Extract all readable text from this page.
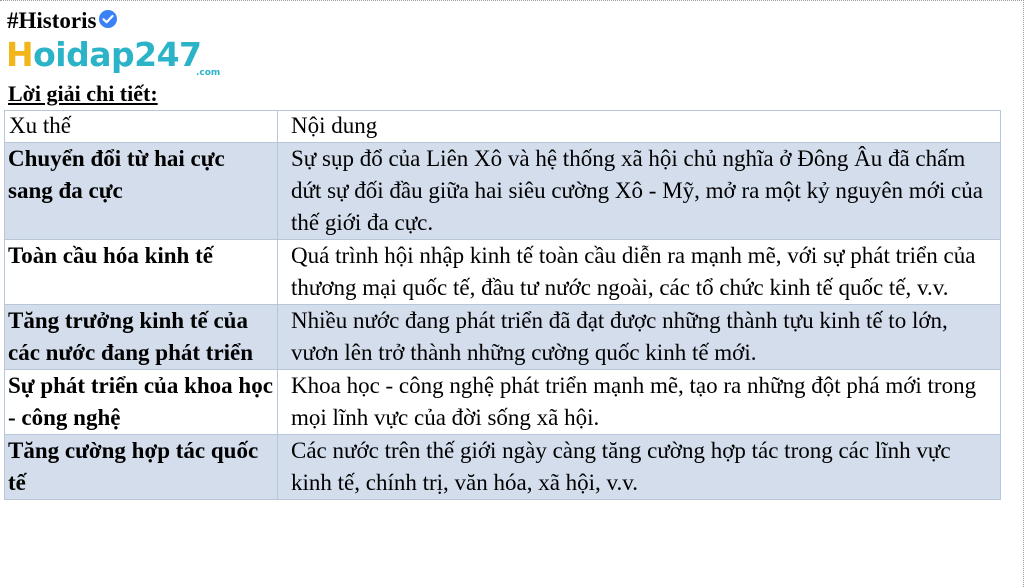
#Historis
Hoidap247
.com
Lời giải chi tiết:
Xu thế	Nội dung
Chuyển đổi từ hai cực sang đa cực	Sự sụp đổ của Liên Xô và hệ thống xã hội chủ nghĩa ở Đông Âu đã chấm dứt sự đối đầu giữa hai siêu cường Xô - Mỹ, mở ra một kỷ nguyên mới của thế giới đa cực.
Toàn cầu hóa kinh tế	Quá trình hội nhập kinh tế toàn cầu diễn ra mạnh mẽ, với sự phát triển của thương mại quốc tế, đầu tư nước ngoài, các tổ chức kinh tế quốc tế, v.v.
Tăng trưởng kinh tế của các nước đang phát triển	Nhiều nước đang phát triển đã đạt được những thành tựu kinh tế to lớn, vươn lên trở thành những cường quốc kinh tế mới.
Sự phát triển của khoa học - công nghệ	Khoa học - công nghệ phát triển mạnh mẽ, tạo ra những đột phá mới trong mọi lĩnh vực của đời sống xã hội.
Tăng cường hợp tác quốc tế	Các nước trên thế giới ngày càng tăng cường hợp tác trong các lĩnh vực kinh tế, chính trị, văn hóa, xã hội, v.v.
